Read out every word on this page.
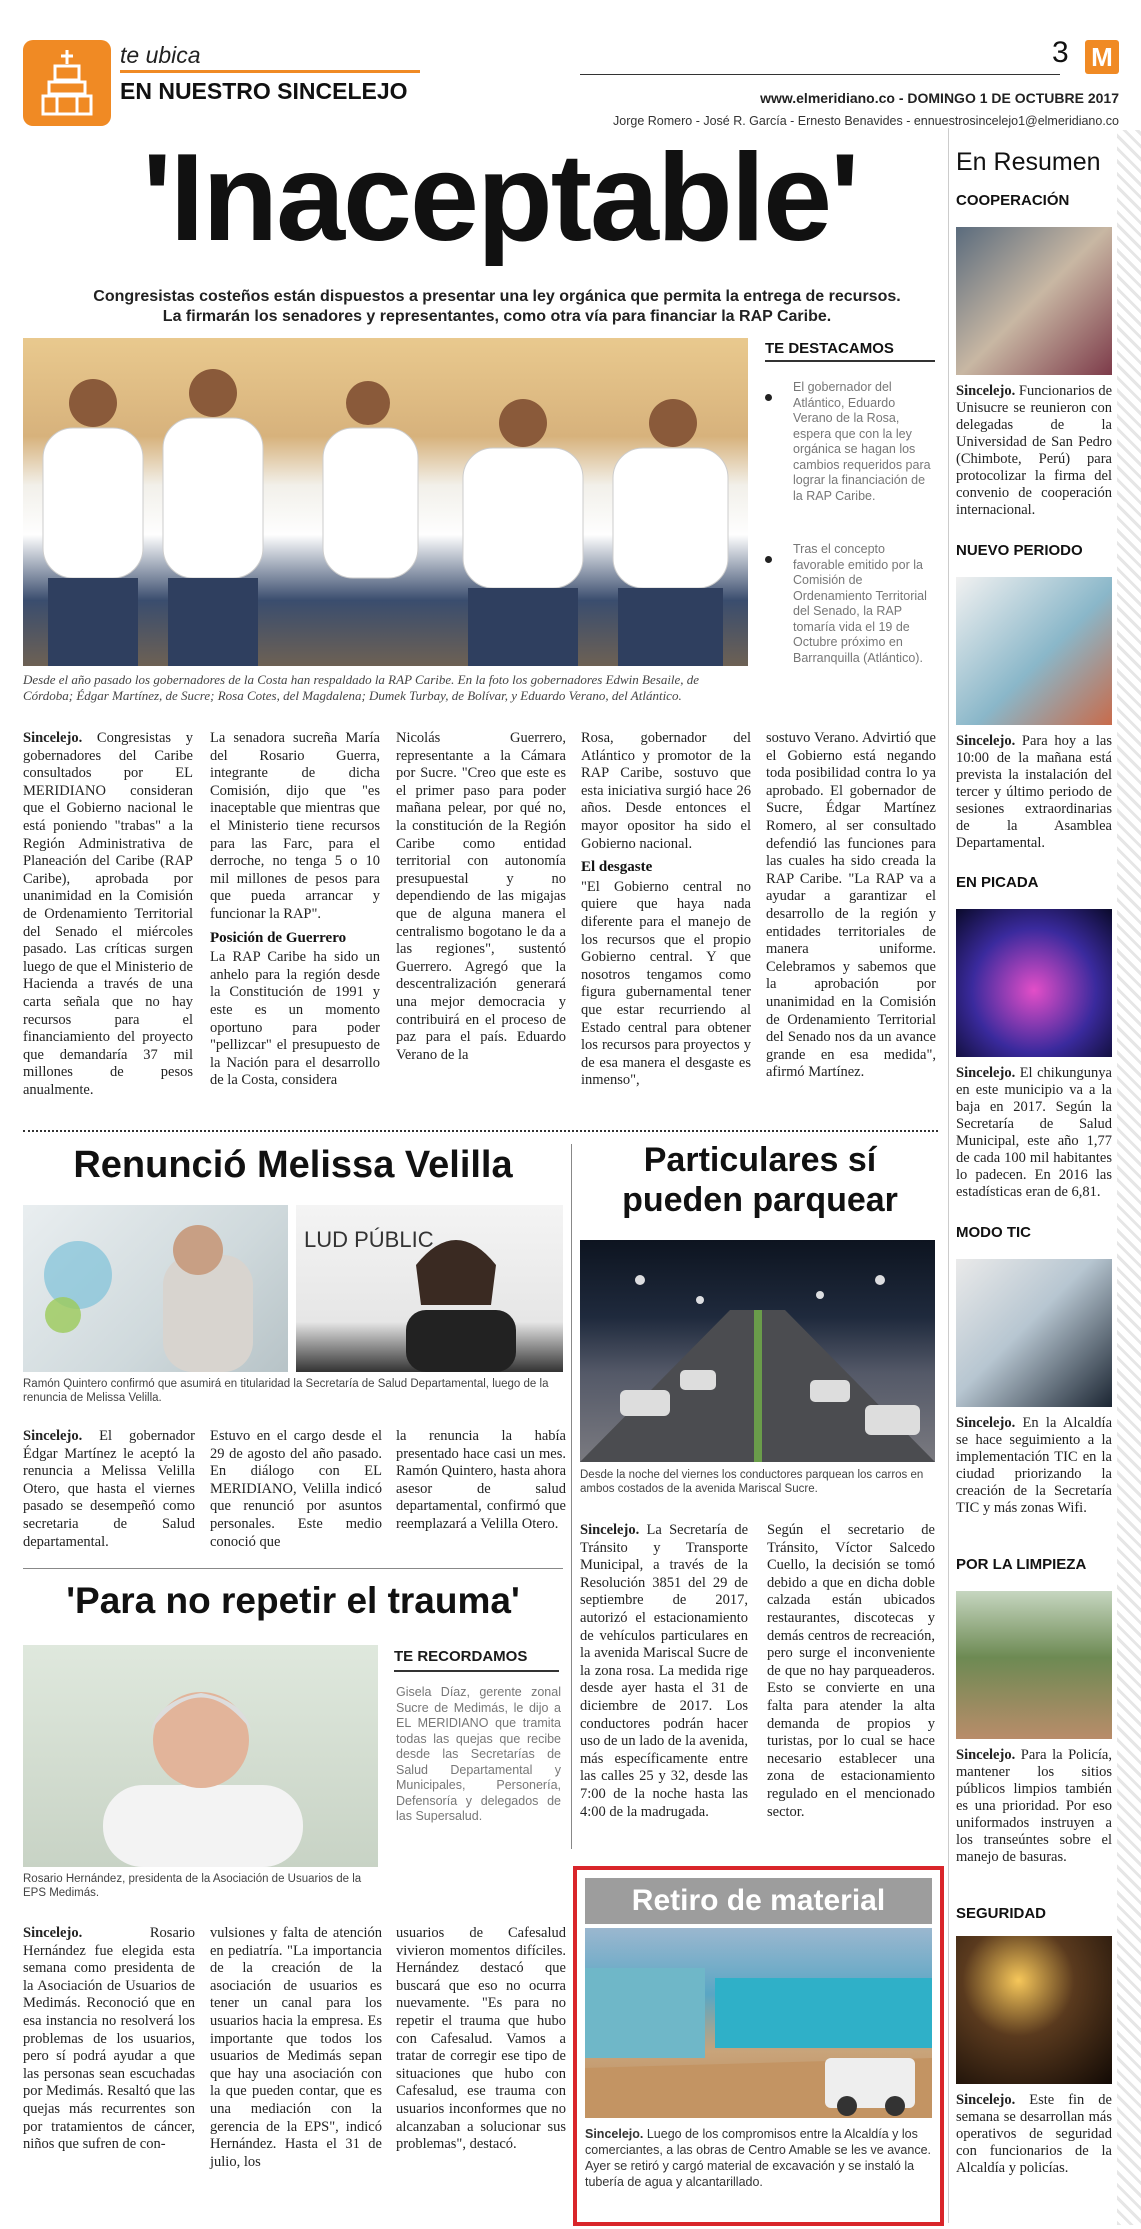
te ubica
EN NUESTRO SINCELEJO
3 M
www.elmeridiano.co - DOMINGO 1 DE OCTUBRE 2017
Jorge Romero - José R. García - Ernesto Benavides - ennuestrosincelejo1@elmeridiano.co
'Inaceptable'
Congresistas costeños están dispuestos a presentar una ley orgánica que permita la entrega de recursos. La firmarán los senadores y representantes, como otra vía para financiar la RAP Caribe.
Desde el año pasado los gobernadores de la Costa han respaldado la RAP Caribe. En la foto los gobernadores Edwin Besaile, de Córdoba; Édgar Martínez, de Sucre; Rosa Cotes, del Magdalena; Dumek Turbay, de Bolívar, y Eduardo Verano, del Atlántico.
TE DESTACAMOS
El gobernador del Atlántico, Eduardo Verano de la Rosa, espera que con la ley orgánica se hagan los cambios requeridos para lograr la financiación de la RAP Caribe.
Tras el concepto favorable emitido por la Comisión de Ordenamiento Territorial del Senado, la RAP tomaría vida el 19 de Octubre próximo en Barranquilla (Atlántico).
Sincelejo. Congresistas y gobernadores del Caribe consultados por EL MERIDIANO consideran que el Gobierno nacional le está poniendo "trabas" a la Región Administrativa de Planeación del Caribe (RAP Caribe), aprobada por unanimidad en la Comisión de Ordenamiento Territorial del Senado el miércoles pasado. Las críticas surgen luego de que el Ministerio de Hacienda a través de una carta señala que no hay recursos para el financiamiento del proyecto que demandaría 37 mil millones de pesos anualmente.
La senadora sucreña María del Rosario Guerra, integrante de dicha Comisión, dijo que "es inaceptable que mientras que el Ministerio tiene recursos para las Farc, para el derroche, no tenga 5 o 10 mil millones de pesos para que pueda arrancar y funcionar la RAP".
Posición de Guerrero
La RAP Caribe ha sido un anhelo para la región desde la Constitución de 1991 y este es un momento oportuno para poder "pellizcar" el presupuesto de la Nación para el desarrollo de la Costa, considera
Nicolás Guerrero, representante a la Cámara por Sucre. "Creo que este es el primer paso para poder mañana pelear, por qué no, la constitución de la Región Caribe como entidad territorial con autonomía presupuestal y no dependiendo de las migajas que de alguna manera el centralismo bogotano le da a las regiones", sustentó Guerrero. Agregó que la descentralización generará una mejor democracia y contribuirá en el proceso de paz para el país. Eduardo Verano de la
Rosa, gobernador del Atlántico y promotor de la RAP Caribe, sostuvo que esta iniciativa surgió hace 26 años. Desde entonces el mayor opositor ha sido el Gobierno nacional.
El desgaste
"El Gobierno central no quiere que haya nada diferente para el manejo de los recursos que el propio Gobierno central. Y que nosotros tengamos como figura gubernamental tener que estar recurriendo al Estado central para obtener los recursos para proyectos y de esa manera el desgaste es inmenso",
sostuvo Verano. Advirtió que el Gobierno está negando toda posibilidad contra lo ya aprobado. El gobernador de Sucre, Édgar Martínez Romero, al ser consultado defendió las funciones para las cuales ha sido creada la RAP Caribe. "La RAP va a ayudar a garantizar el desarrollo de la región y entidades territoriales de manera uniforme. Celebramos y sabemos que la aprobación por unanimidad en la Comisión de Ordenamiento Territorial del Senado nos da un avance grande en esa medida", afirmó Martínez.
Renunció Melissa Velilla
LUD PÚBLIC
Ramón Quintero confirmó que asumirá en titularidad la Secretaría de Salud Departamental, luego de la renuncia de Melissa Velilla.
Sincelejo. El gobernador Édgar Martínez le aceptó la renuncia a Melissa Velilla Otero, que hasta el viernes pasado se desempeñó como secretaria de Salud departamental.
Estuvo en el cargo desde el 29 de agosto del año pasado. En diálogo con EL MERIDIANO, Velilla indicó que renunció por asuntos personales. Este medio conoció que
la renuncia la había presentado hace casi un mes. Ramón Quintero, hasta ahora asesor de salud departamental, confirmó que reemplazará a Velilla Otero.
Particulares sí pueden parquear
Desde la noche del viernes los conductores parquean los carros en ambos costados de la avenida Mariscal Sucre.
Sincelejo. La Secretaría de Tránsito y Transporte Municipal, a través de la Resolución 3851 del 29 de septiembre de 2017, autorizó el estacionamiento de vehículos particulares en la avenida Mariscal Sucre de la zona rosa. La medida rige desde ayer hasta el 31 de diciembre de 2017. Los conductores podrán hacer uso de un lado de la avenida, más específicamente entre las calles 25 y 32, desde las 7:00 de la noche hasta las 4:00 de la madrugada.
Según el secretario de Tránsito, Víctor Salcedo Cuello, la decisión se tomó debido a que en dicha doble calzada están ubicados restaurantes, discotecas y demás centros de recreación, pero surge el inconveniente de que no hay parqueaderos. Esto se convierte en una falta para atender la alta demanda de propios y turistas, por lo cual se hace necesario establecer una zona de estacionamiento regulado en el mencionado sector.
'Para no repetir el trauma'
Rosario Hernández, presidenta de la Asociación de Usuarios de la EPS Medimás.
TE RECORDAMOS
Gisela Díaz, gerente zonal Sucre de Medimás, le dijo a EL MERIDIANO que tramita todas las quejas que recibe desde las Secretarías de Salud Departamental y Municipales, Personería, Defensoría y delegados de las Supersalud.
Sincelejo.	Rosario Hernández fue elegida esta semana como presidenta de la Asociación de Usuarios de Medimás. Reconoció que en esa instancia no resolverá los problemas de los usuarios, pero sí podrá ayudar a que las personas sean escuchadas por Medimás. Resaltó que las quejas más recurrentes son por tratamientos de cáncer, niños que sufren de con-
vulsiones y falta de atención en pediatría. "La importancia de la creación de la asociación de usuarios es tener un canal para los usuarios hacia la empresa. Es importante que todos los usuarios de Medimás sepan que hay una asociación con la que pueden contar, que es una mediación con la gerencia de la EPS", indicó Hernández. Hasta el 31 de julio, los
usuarios de Cafesalud vivieron momentos difíciles. Hernández destacó que buscará que eso no ocurra nuevamente. "Es para no repetir el trauma que hubo con Cafesalud. Vamos a tratar de corregir ese tipo de situaciones que hubo con Cafesalud, ese trauma con usuarios inconformes que no alcanzaban a solucionar sus problemas", destacó.
Retiro de material
Sincelejo. Luego de los compromisos entre la Alcaldía y los comerciantes, a las obras de Centro Amable se les ve avance. Ayer se retiró y cargó material de excavación y se instaló la tubería de agua y alcantarillado.
En Resumen
COOPERACIÓN
Sincelejo. Funcionarios de Unisucre se reunieron con delegadas de la Universidad de San Pedro (Chimbote, Perú) para protocolizar la firma del convenio de cooperación internacional.
NUEVO PERIODO
Sincelejo. Para hoy a las 10:00 de la mañana está prevista la instalación del tercer y último periodo de sesiones extraordinarias de la Asamblea Departamental.
EN PICADA
Sincelejo. El chikungunya en este municipio va a la baja en 2017. Según la Secretaría de Salud Municipal, este año 1,77 de cada 100 mil habitantes lo padecen. En 2016 las estadísticas eran de 6,81.
MODO TIC
Sincelejo. En la Alcaldía se hace seguimiento a la implementación TIC en la ciudad priorizando la creación de la Secretaría TIC y más zonas Wifi.
POR LA LIMPIEZA
Sincelejo. Para la Policía, mantener los sitios públicos limpios también es una prioridad. Por eso uniformados instruyen a los transeúntes sobre el manejo de basuras.
SEGURIDAD
Sincelejo. Este fin de semana se desarrollan más operativos de seguridad con funcionarios de la Alcaldía y policías.
